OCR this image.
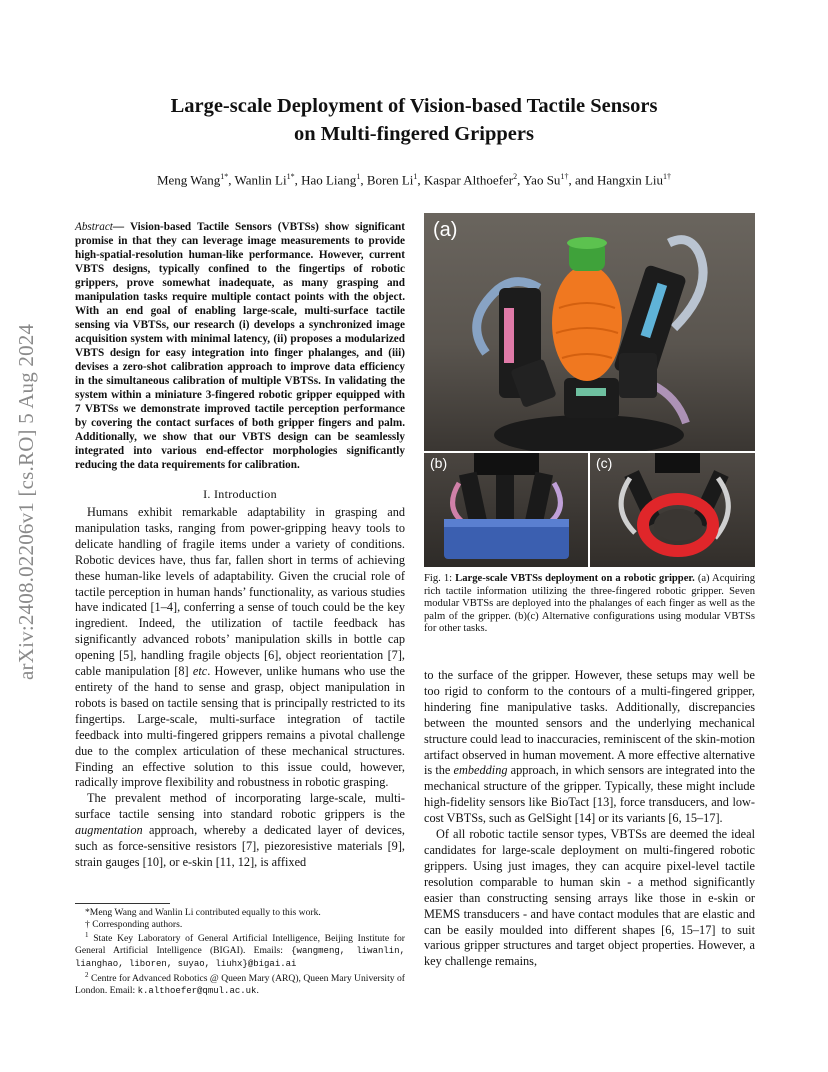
Large-scale Deployment of Vision-based Tactile Sensors
on Multi-fingered Grippers
Meng Wang$^{1*}$, Wanlin $Li^{1*}$, Hao Liang$^1$, Boren Li$^1$, Kaspar Althoefer$^2$, Yao $Su^{1\dagger}$, and Hangxin Liu$^{1\dagger}$
arXiv:2408.02206v1 [cs.RO] 5 Aug 2024
Abstract— Vision-based Tactile Sensors (VBTSs) show significant promise in that they can leverage image measurements to provide high-spatial-resolution human-like performance. However, current VBTS designs, typically confined to the fingertips of robotic grippers, prove somewhat inadequate, as many grasping and manipulation tasks require multiple contact points with the object. With an end goal of enabling large-scale, multi-surface tactile sensing via VBTSs, our research (i) develops a synchronized image acquisition system with minimal latency, (ii) proposes a modularized VBTS design for easy integration into finger phalanges, and (iii) devises a zero-shot calibration approach to improve data efficiency in the simultaneous calibration of multiple VBTSs. In validating the system within a miniature 3-fingered robotic gripper equipped with 7 VBTSs we demonstrate improved tactile perception performance by covering the contact surfaces of both gripper fingers and palm. Additionally, we show that our VBTS design can be seamlessly integrated into various end-effector morphologies significantly reducing the data requirements for calibration.
I. Introduction

Humans exhibit remarkable adaptability in grasping and manipulation tasks, ranging from power-gripping heavy tools to delicate handling of fragile items under a variety of conditions. Robotic devices have, thus far, fallen short in terms of achieving these human-like levels of adaptability. Given the crucial role of tactile perception in human hands’ functionality, as various studies have indicated [1–4], conferring a sense of touch could be the key ingredient. Indeed, the utilization of tactile feedback has significantly advanced robots’ manipulation skills in bottle cap opening [5], handling fragile objects [6], object reorientation [7], cable manipulation [8] etc. However, unlike humans who use the entirety of the hand to sense and grasp, object manipulation in robots is based on tactile sensing that is principally restricted to its fingertips. Large-scale, multi-surface integration of tactile feedback into multi-fingered grippers remains a pivotal challenge due to the complex articulation of these mechanical structures. Finding an effective solution to this issue could, however, radically improve flexibility and robustness in robotic grasping.

The prevalent method of incorporating large-scale, multi-surface tactile sensing into standard robotic grippers is the augmentation approach, whereby a dedicated layer of devices, such as force-sensitive resistors [7], piezoresistive materials [9], strain gauges [10], or e-skin [11, 12], is affixed

*Meng Wang and Wanlin Li contributed equally to this work.

† Corresponding authors.

$^1$ State Key Laboratory of General Artificial Intelligence, Beijing Institute for General Artificial Intelligence (BIGAI). Emails: {wangmeng, liwanlin, lianghao, liboren, suyao, liuhx}@bigai.ai

$^2$ Centre for Advanced Robotics @ Queen Mary (ARQ), Queen Mary University of London. Email: k.althoefer@qmul.ac.uk.

(a)
(b)	(c)
Fig. 1: Large-scale VBTSs deployment on a robotic gripper. (a) Acquiring rich tactile information utilizing the three-fingered robotic gripper. Seven modular VBTSs are deployed into the phalanges of each finger as well as the palm of the gripper. (b)(c) Alternative configurations using modular VBTSs for other tasks.

to the surface of the gripper. However, these setups may well be too rigid to conform to the contours of a multi-fingered gripper, hindering fine manipulative tasks. Additionally, discrepancies between the mounted sensors and the underlying mechanical structure could lead to inaccuracies, reminiscent of the skin-motion artifact observed in human movement. A more effective alternative is the embedding approach, in which sensors are integrated into the mechanical structure of the gripper. Typically, these might include high-fidelity sensors like BioTact [13], force transducers, and low-cost VBTSs, such as GelSight [14] or its variants [6, 15–17].

Of all robotic tactile sensor types, VBTSs are deemed the ideal candidates for large-scale deployment on multi-fingered robotic grippers. Using just images, they can acquire pixel-level tactile resolution comparable to human skin - a method significantly easier than constructing sensing arrays like those in e-skin or MEMS transducers - and have contact modules that are elastic and can be easily moulded into different shapes [6, 15–17] to suit various gripper structures and target object properties. However, a key challenge remains,
